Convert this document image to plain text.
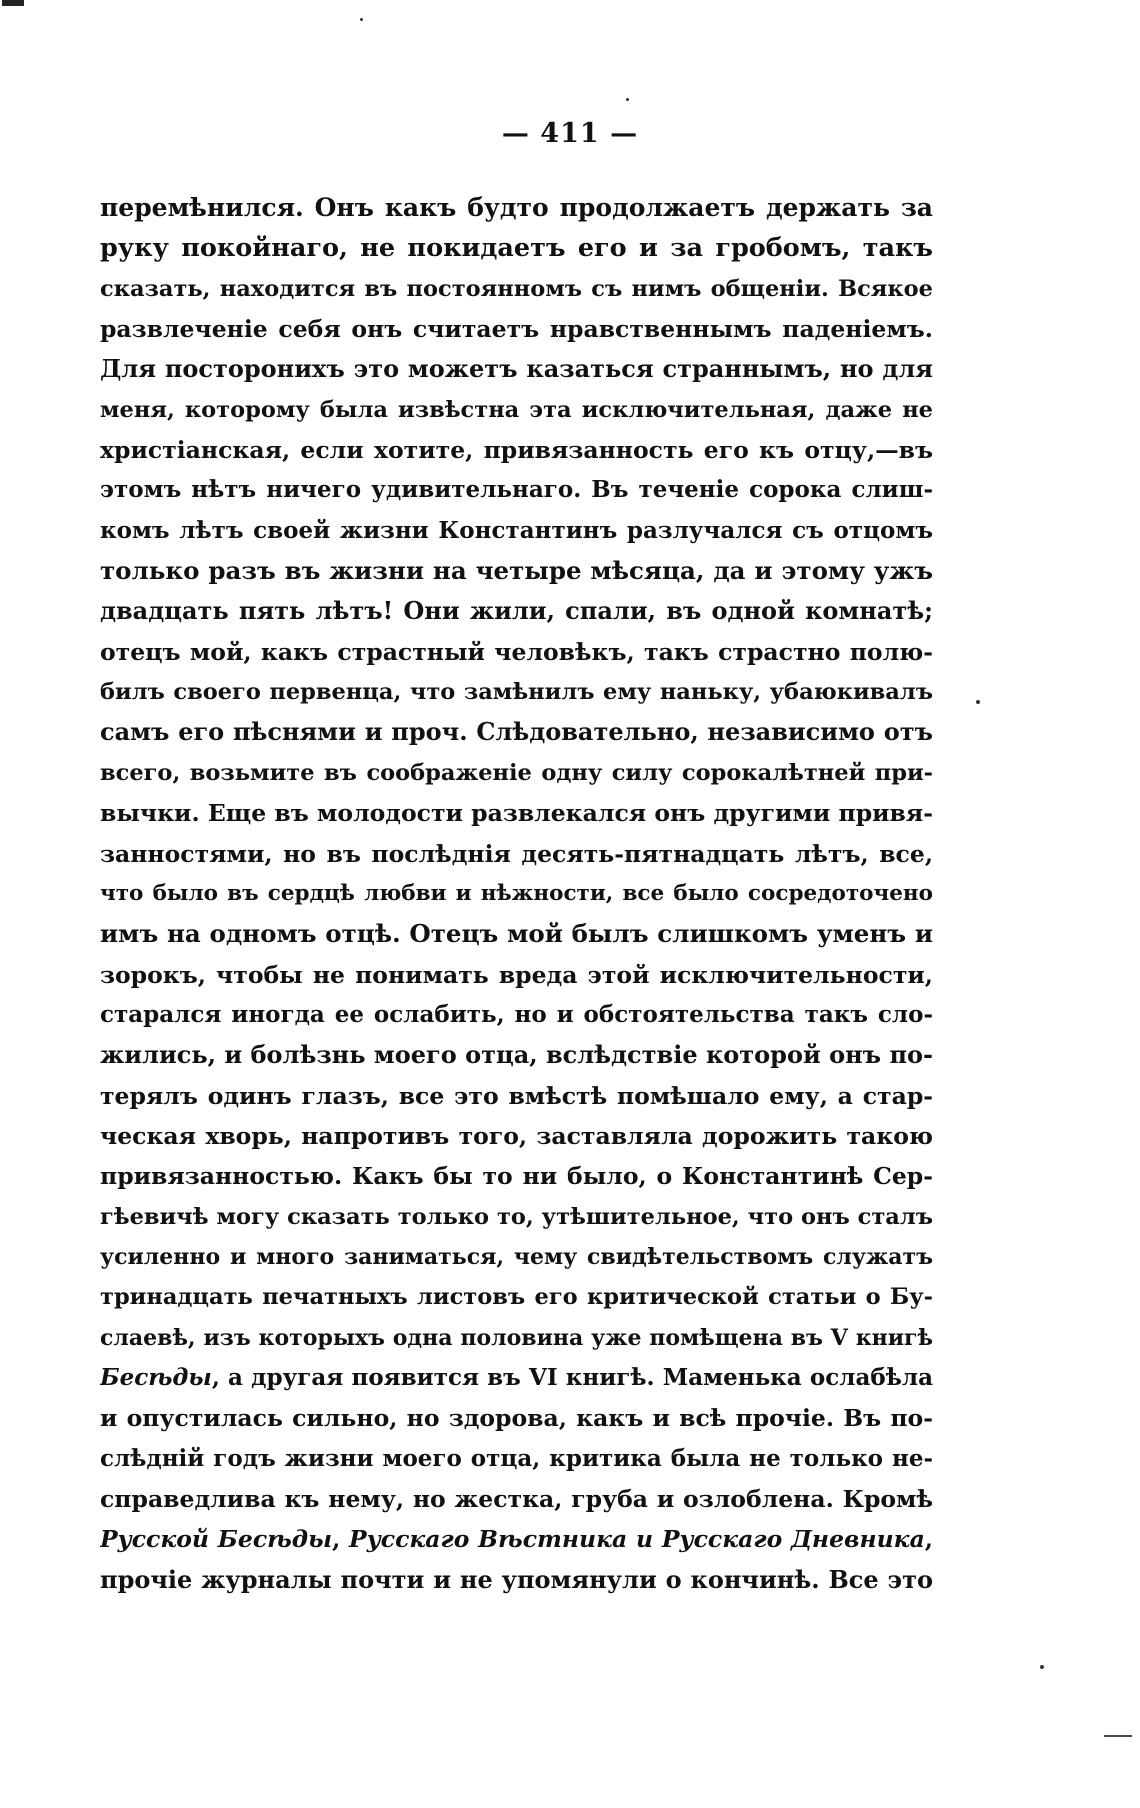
— 411 —
перемѣнился. Онъ какъ будто продолжаетъ держать за
руку покойнаго, не покидаетъ его и за гробомъ, такъ
сказать, находится въ постоянномъ съ нимъ общеніи. Всякое
развлеченіе себя онъ считаетъ нравственнымъ паденіемъ.
Для посторонихъ это можетъ казаться страннымъ, но для
меня, которому была извѣстна эта исключительная, даже не
христіанская, если хотите, привязанность его къ отцу,—въ
этомъ нѣтъ ничего удивительнаго. Въ теченіе сорока слиш-
комъ лѣтъ своей жизни Константинъ разлучался съ отцомъ
только разъ въ жизни на четыре мѣсяца, да и этому ужъ
двадцать пять лѣтъ! Они жили, спали, въ одной комнатѣ;
отецъ мой, какъ страстный человѣкъ, такъ страстно полю-
билъ своего первенца, что замѣнилъ ему наньку, убаюкивалъ
самъ его пѣснями и проч. Слѣдовательно, независимо отъ
всего, возьмите въ соображеніе одну силу сорокалѣтней при-
вычки. Еще въ молодости развлекался онъ другими привя-
занностями, но въ послѣднія десять-пятнадцать лѣтъ, все,
что было въ сердцѣ любви и нѣжности, все было сосредоточено
имъ на одномъ отцѣ. Отецъ мой былъ слишкомъ уменъ и
зорокъ, чтобы не понимать вреда этой исключительности,
старался иногда ее ослабить, но и обстоятельства такъ сло-
жились, и болѣзнь моего отца, вслѣдствіе которой онъ по-
терялъ одинъ глазъ, все это вмѣстѣ помѣшало ему, а стар-
ческая хворь, напротивъ того, заставляла дорожить такою
привязанностью. Какъ бы то ни было, о Константинѣ Сер-
гѣевичѣ могу сказать только то, утѣшительное, что онъ сталъ
усиленно и много заниматься, чему свидѣтельствомъ служатъ
тринадцать печатныхъ листовъ его критической статьи о Бу-
слаевѣ, изъ которыхъ одна половина уже помѣщена въ V книгѣ
Бесѣды, а другая появится въ VI книгѣ. Маменька ослабѣла
и опустилась сильно, но здорова, какъ и всѣ прочіе. Въ по-
слѣдній годъ жизни моего отца, критика была не только не-
справедлива къ нему, но жестка, груба и озлоблена. Кромѣ
Русской Бесѣды, Русскаго Вѣстника и Русскаго Дневника,
прочіе журналы почти и не упомянули о кончинѣ. Все это
